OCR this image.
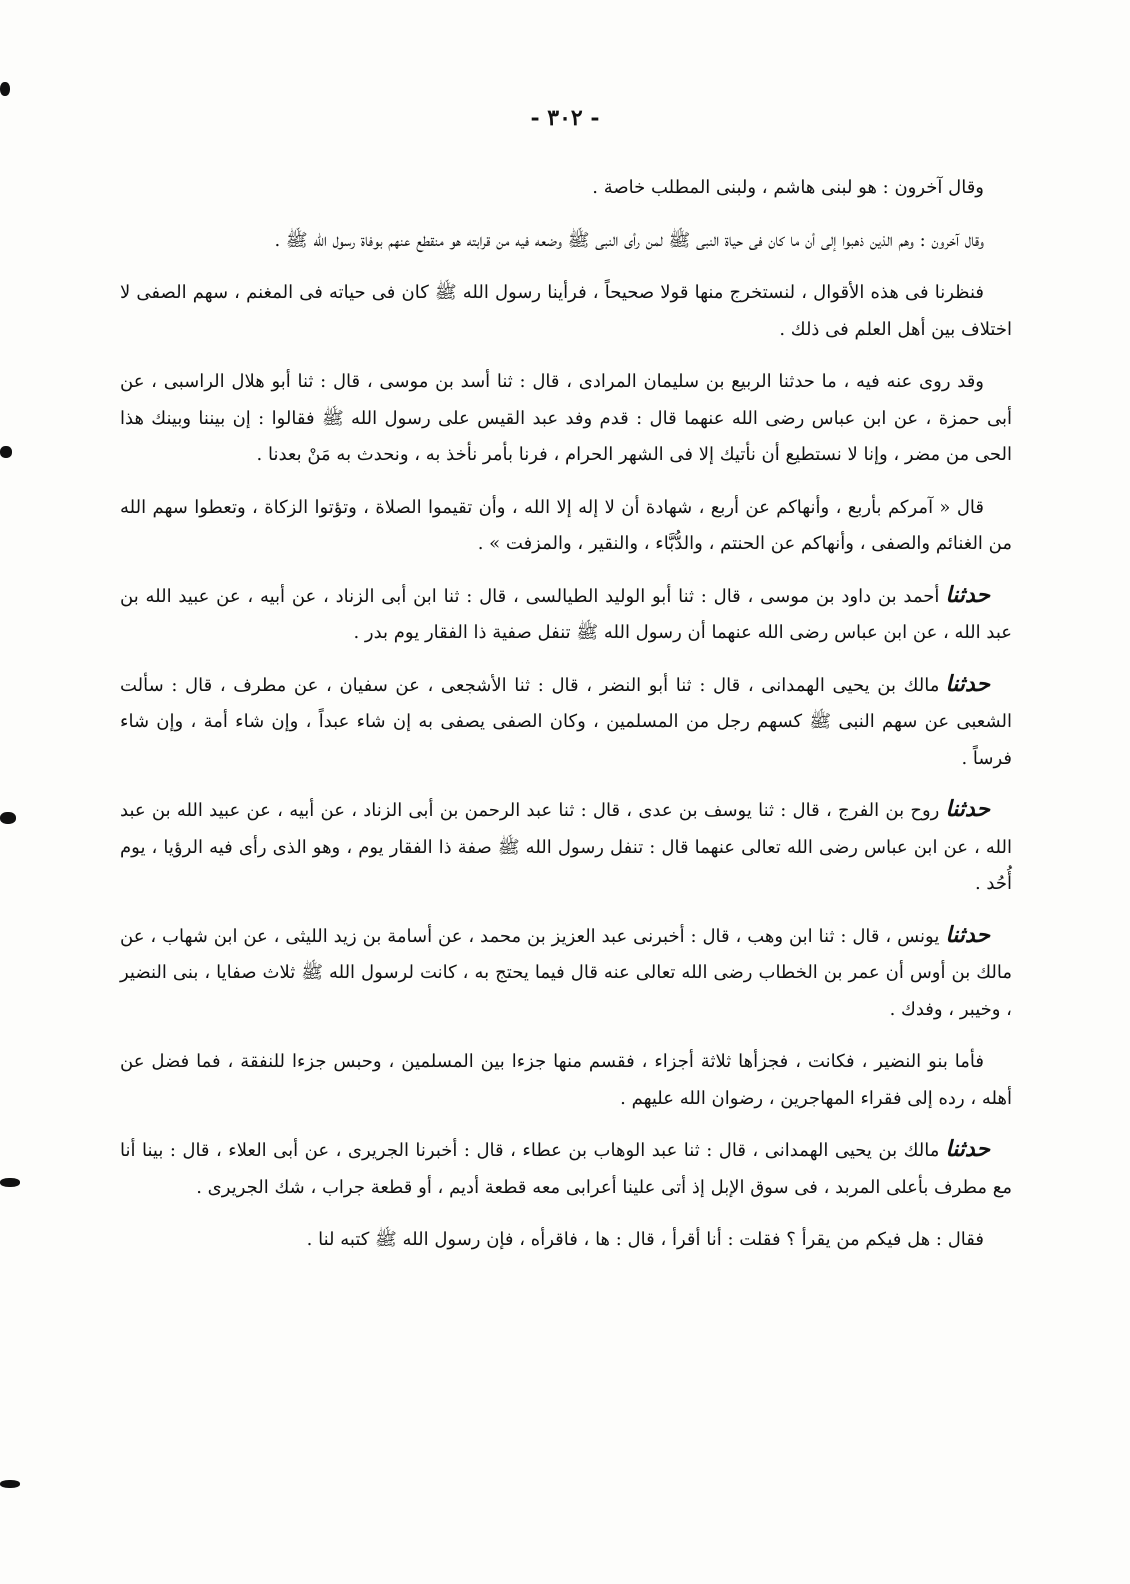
- ٣٠٢ -

وقال آخرون : هو لبنى هاشم ، ولبنى المطلب خاصة .

وقال آخرون : وهم الذين ذهبوا إلى أن ما كان فى حياة النبى ﷺ لمن رأى النبى ﷺ وضعه فيه من قرابته هو منقطع عنهم بوفاة رسول الله ﷺ .

فنظرنا فى هذه الأقوال ، لنستخرج منها قولا صحيحاً ، فرأينا رسول الله ﷺ كان فى حياته فى المغنم ، سهم الصفى لا اختلاف بين أهل العلم فى ذلك .

وقد روى عنه فيه ، ما حدثنا الربيع بن سليمان المرادى ، قال : ثنا أسد بن موسى ، قال : ثنا أبو هلال الراسبى ، عن أبى حمزة ، عن ابن عباس رضى الله عنهما قال : قدم وفد عبد القيس على رسول الله ﷺ فقالوا : إن بيننا وبينك هذا الحى من مضر ، وإنا لا نستطيع أن نأتيك إلا فى الشهر الحرام ، فرنا بأمر نأخذ به ، ونحدث به مَنْ بعدنا .

قال « آمركم بأربع ، وأنهاكم عن أربع ، شهادة أن لا إله إلا الله ، وأن تقيموا الصلاة ، وتؤتوا الزكاة ، وتعطوا سهم الله من الغنائم والصفى ، وأنهاكم عن الحنتم ، والدُّبَّاء ، والنقير ، والمزفت » .

حدثناأحمد بن داود بن موسى ، قال : ثنا أبو الوليد الطيالسى ، قال : ثنا ابن أبى الزناد ، عن أبيه ، عن عبيد الله بن عبد الله ، عن ابن عباس رضى الله عنهما أن رسول الله ﷺ تنفل صفية ذا الفقار يوم بدر .

حدثنامالك بن يحيى الهمدانى ، قال : ثنا أبو النضر ، قال : ثنا الأشجعى ، عن سفيان ، عن مطرف ، قال : سألت الشعبى عن سهم النبى ﷺ كسهم رجل من المسلمين ، وكان الصفى يصفى به إن شاء عبداً ، وإن شاء أمة ، وإن شاء فرساً .

حدثناروح بن الفرج ، قال : ثنا يوسف بن عدى ، قال : ثنا عبد الرحمن بن أبى الزناد ، عن أبيه ، عن عبيد الله بن عبد الله ، عن ابن عباس رضى الله تعالى عنهما قال : تنفل رسول الله ﷺ صفة ذا الفقار يوم ، وهو الذى رأى فيه الرؤيا ، يوم أُحُد .

حدثنايونس ، قال : ثنا ابن وهب ، قال : أخبرنى عبد العزيز بن محمد ، عن أسامة بن زيد الليثى ، عن ابن شهاب ، عن مالك بن أوس أن عمر بن الخطاب رضى الله تعالى عنه قال فيما يحتج به ، كانت لرسول الله ﷺ ثلاث صفايا ، بنى النضير ، وخيبر ، وفدك .

فأما بنو النضير ، فكانت ، فجزأها ثلاثة أجزاء ، فقسم منها جزءا بين المسلمين ، وحبس جزءا للنفقة ، فما فضل عن أهله ، رده إلى فقراء المهاجرين ، رضوان الله عليهم .

حدثنامالك بن يحيى الهمدانى ، قال : ثنا عبد الوهاب بن عطاء ، قال : أخبرنا الجريرى ، عن أبى العلاء ، قال : بينا أنا مع مطرف بأعلى المربد ، فى سوق الإبل إذ أتى علينا أعرابى معه قطعة أديم ، أو قطعة جراب ، شك الجريرى .

فقال : هل فيكم من يقرأ ؟ فقلت : أنا أقرأ ، قال : ها ، فاقرأه ، فإن رسول الله ﷺ كتبه لنا .
